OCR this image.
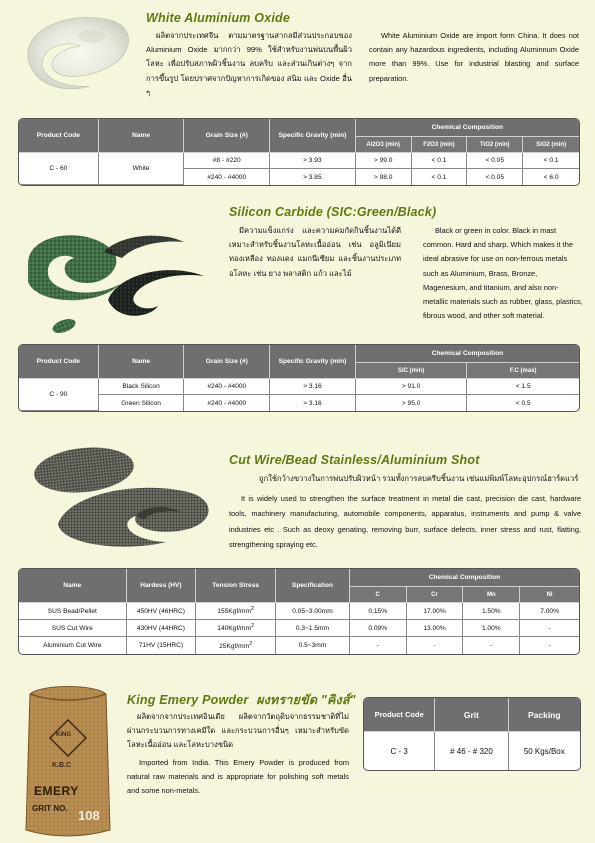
White Aluminium Oxide
ผลิตจากประเทศจีน ตามมาตรฐานสากลมีส่วนประกอบของ Aluminium Oxide มากกว่า 99% ใช้สำหรับงานพ่นบนพื้นผิวโลหะ เพื่อปรับสภาพผิวชิ้นงาน ลบคริบ และส่วนเกินต่างๆ จากการขึ้นรูป โดยปราศจากปัญหาการเกิดของ สนิม และ Oxide อื่น ๆ
White Aluminium Oxide are import form China. It does not contain any hazardous ingredients, including Aluminnum Oxide more than 99%. Use for industrial blasting and surface preparation.
Product Code	Name	Grain Size (#)	Specific Gravity (min)	Chemical Composition			
				Al2O3 (min)	F2O3 (min)	TiO2 (min)	SiO2 (min)
C - 60	White	#8 - #220	> 3.93	> 99.0	< 0.1	< 0.05	< 0.1
		#240 - #4000	> 3.85	> 98.0	< 0.1	< 0.05	< 6.0
Silicon Carbide (SIC:Green/Black)
มีความแข็งแกร่ง และความคมกัดกินชิ้นงานได้ดี เหมาะสำหรับชิ้นงานโลหะเนื้ออ่อน เช่น อลูมิเนียม ทองเหลือง ทองแดง แมกนีเซียม และชิ้นงานประเภทอโลหะ เช่น ยาง พลาสติก แก้ว และไม้
Black or green in color. Black in mast common. Hard and sharp. Which makes it the ideal abrasive for use on non-ferrous metals such as Aluminium, Brass, Bronze, Magenesium, and titanium, and also non-metallic materials such as rubber, glass, plastics, fibrous wood, and other soft material.
Product Code	Name	Grain Size (#)	Specific Gravity (min)	Chemical Composition	
				SiC (min)	F.C (max)
C - 90	Black Silicon	#240 - #4000	> 3.16	> 91.0	< 1.5
	Green Silicon	#240 - #4000	> 3.16	> 95.0	< 0.5
Cut Wire/Bead Stainless/Aluminium Shot
ถูกใช้กว้างขวางในการพ่นปรับผิวหน้า รวมทั้งการลบครีบชิ้นงาน เช่นแม่พิมพ์โลหะอุปกรณ์ฮาร์ดแวร์
It is widely used to strengthen the surface treatment in metal die cast, precision die cast, hardware tools, machinery manufacturing, automobile components, apparatus, instruments and pump & valve industries etc . Such as deoxy genating, removing burr, surface defects, inner stress and rust, flatting, strengthening spraying etc.
Name	Hardess (HV)	Tension Stress	Specification	Chemical Composition			
				C	Cr	Mn	Ni
SUS Bead/Pellet	450HV (46HRC)	$155Kgf/mm^2$	0.05~3.00mm	0.15%	17.00%	1.50%	7.00%
SUS Cut Wire	430HV (44HRC)	$140Kgf/mm^2$	0.3~1.5mm	0.09%	13.00%	1.00%	-
Aluminium Cut Wire	71HV (15HRC)	$25Kgf/mm^2$	0.5~3mm	-	-	-	-
KING
K.B.C
EMERY
GRIT NO. 108
King Emery Powder ผงทรายขัด "คิงส์"
ผลิตจากจากประเทศอินเดีย ผลิตจากวัตถุดิบจากธรรมชาติที่ไม่ผ่านกระบวนการทางเคมีใด และกระบวนการอื่นๆ เหมาะสำหรับขัดโลหะเนื้ออ่อน และโลหะบางชนิด
Imported from India. This Emery Powder is produced from natural raw materials and is appropriate for polishing soft metals and some non-metals.
Product Code	Grit	Packing
C - 3	# 46 - # 320	50 Kgs/Box
